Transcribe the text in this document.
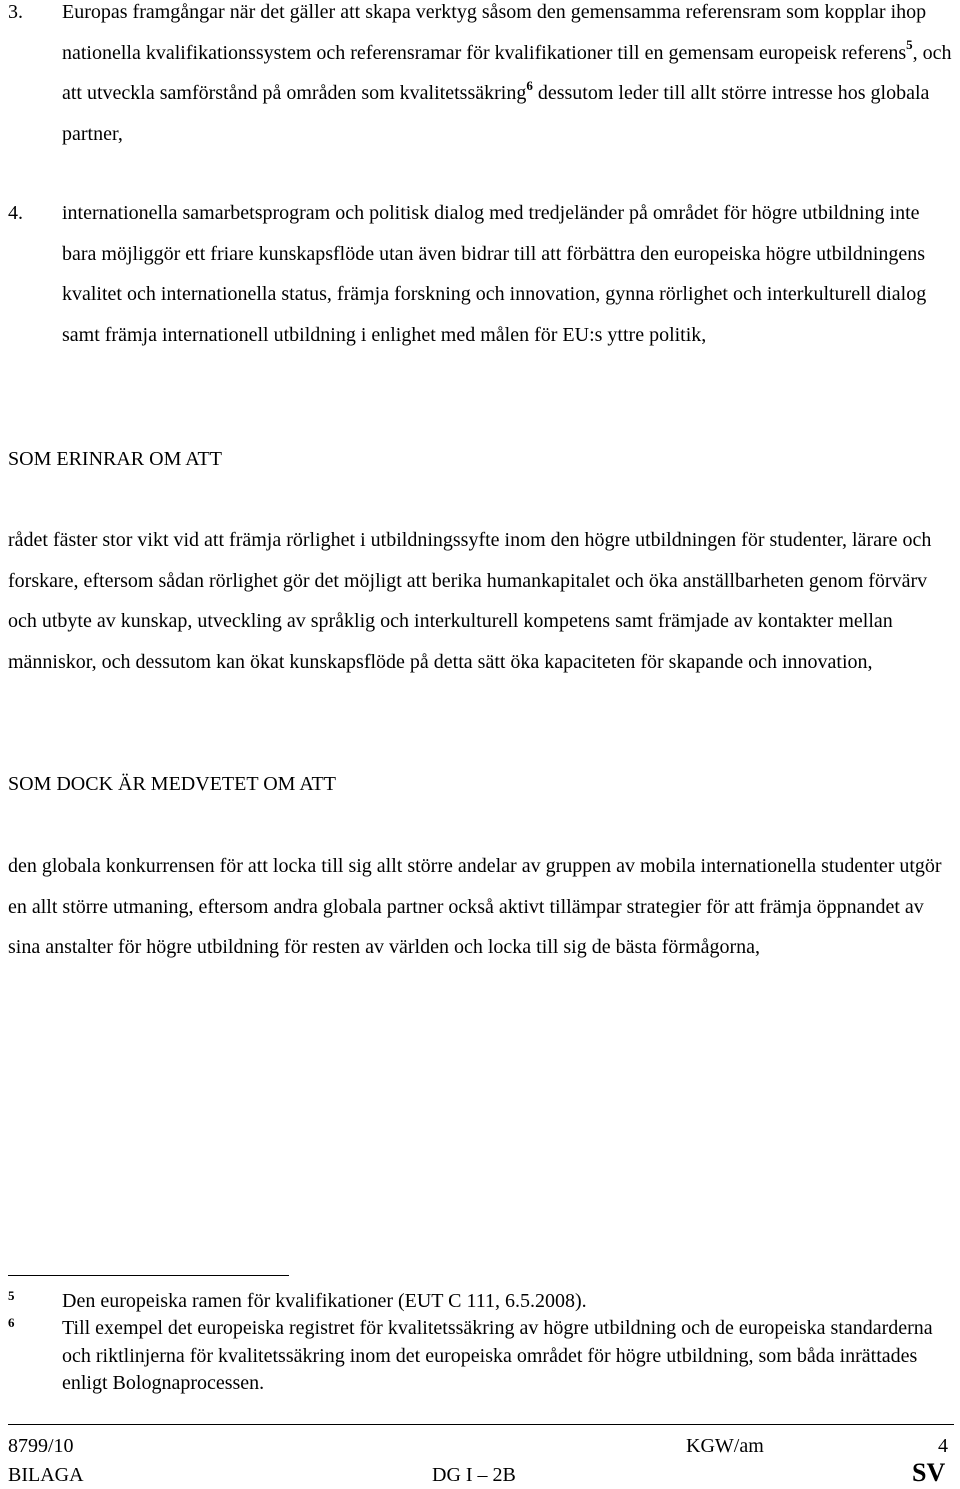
3. Europas framgångar när det gäller att skapa verktyg såsom den gemensamma referensram som kopplar ihop nationella kvalifikationssystem och referensramar för kvalifikationer till en gemensam europeisk referens$^5$, och att utveckla samförstånd på områden som kvalitetssäkring$^6$ dessutom leder till allt större intresse hos globala partner,
4. internationella samarbetsprogram och politisk dialog med tredjeländer på området för högre utbildning inte bara möjliggör ett friare kunskapsflöde utan även bidrar till att förbättra den europeiska högre utbildningens kvalitet och internationella status, främja forskning och innovation, gynna rörlighet och interkulturell dialog samt främja internationell utbildning i enlighet med målen för EU:s yttre politik,
SOM ERINRAR OM ATT
rådet fäster stor vikt vid att främja rörlighet i utbildningssyfte inom den högre utbildningen för studenter, lärare och forskare, eftersom sådan rörlighet gör det möjligt att berika humankapitalet och öka anställbarheten genom förvärv och utbyte av kunskap, utveckling av språklig och interkulturell kompetens samt främjade av kontakter mellan människor, och dessutom kan ökat kunskapsflöde på detta sätt öka kapaciteten för skapande och innovation,
SOM DOCK ÄR MEDVETET OM ATT
den globala konkurrensen för att locka till sig allt större andelar av gruppen av mobila internationella studenter utgör en allt större utmaning, eftersom andra globala partner också aktivt tillämpar strategier för att främja öppnandet av sina anstalter för högre utbildning för resten av världen och locka till sig de bästa förmågorna,
5 Den europeiska ramen för kvalifikationer (EUT C 111, 6.5.2008).
6 Till exempel det europeiska registret för kvalitetssäkring av högre utbildning och de europeiska standarderna och riktlinjerna för kvalitetssäkring inom det europeiska området för högre utbildning, som båda inrättades enligt Bolognaprocessen.
8799/10	KGW/am	4
BILAGA	DG I – 2B	SV
